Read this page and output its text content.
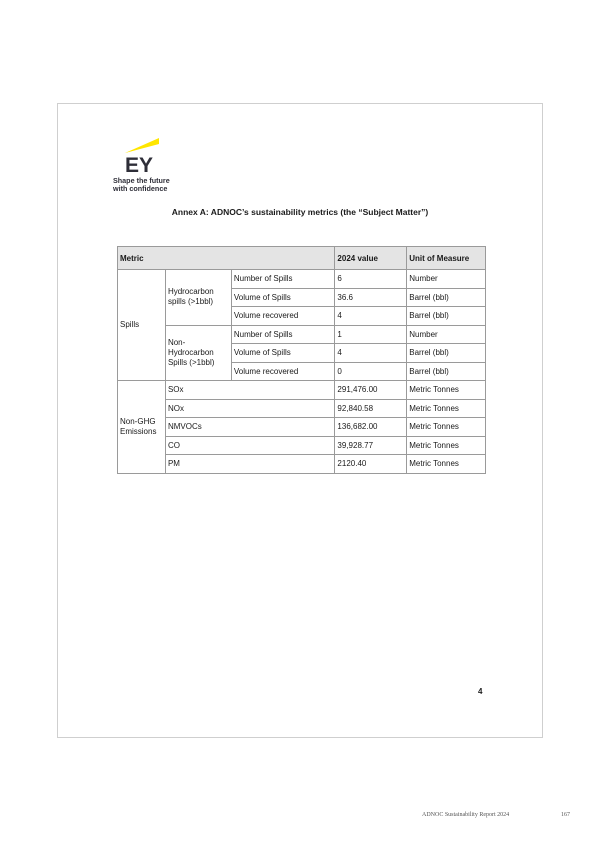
EY
Shape the future
with confidence
Annex A: ADNOC’s sustainability metrics (the “Subject Matter”)
Metric			2024 value	Unit of Measure
Spills	Hydrocarbon spills (>1bbl)	Number of Spills	6	Number
		Volume of Spills	36.6	Barrel (bbl)
		Volume recovered	4	Barrel (bbl)
	Non-Hydrocarbon Spills (>1bbl)	Number of Spills	1	Number
		Volume of Spills	4	Barrel (bbl)
		Volume recovered	0	Barrel (bbl)
Non-GHG Emissions	SOx		291,476.00	Metric Tonnes
	NOx		92,840.58	Metric Tonnes
	NMVOCs		136,682.00	Metric Tonnes
	CO		39,928.77	Metric Tonnes
	PM		2120.40	Metric Tonnes
4
ADNOC Sustainability Report 2024	167
